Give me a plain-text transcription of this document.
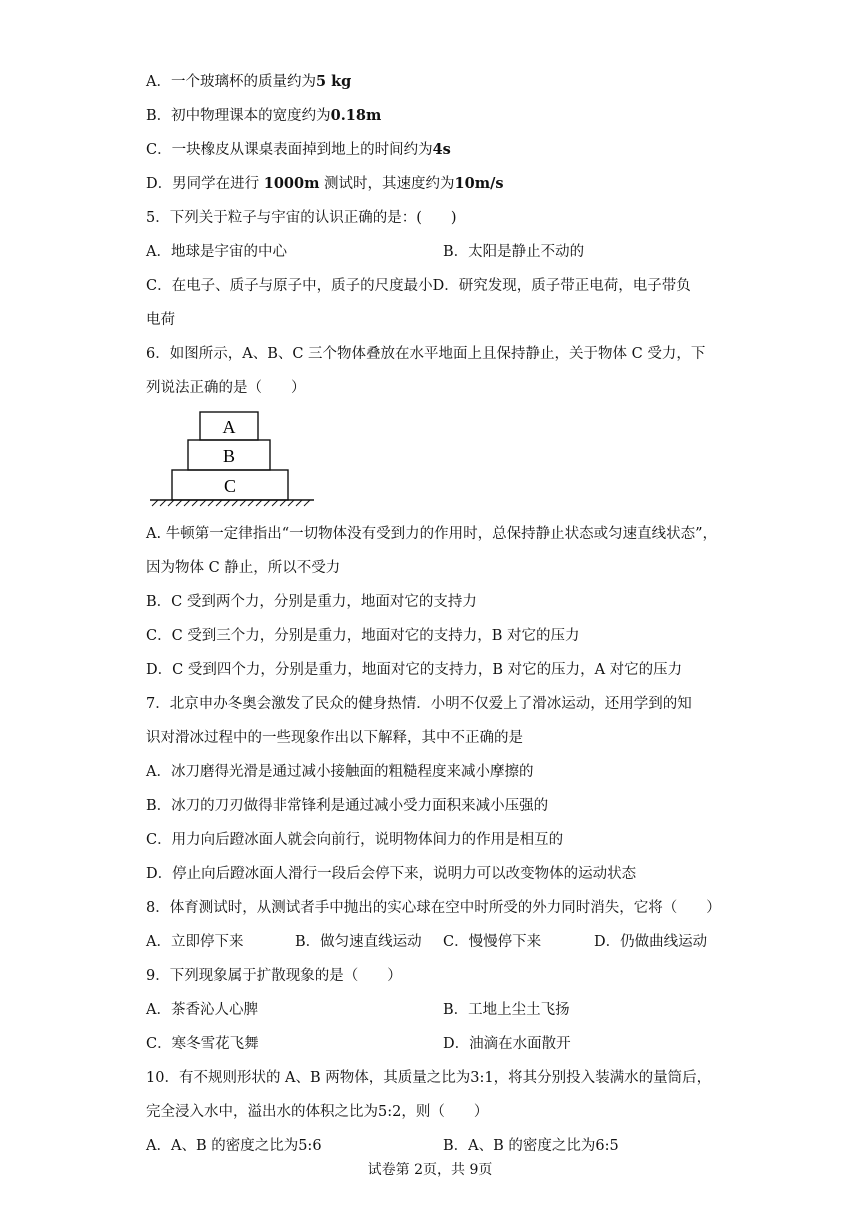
A．一个玻璃杯的质量约为5 kg
B．初中物理课本的宽度约为0.18m
C．一块橡皮从课桌表面掉到地上的时间约为4s
D．男同学在进行 1000m 测试时，其速度约为10m/s
5．下列关于粒子与宇宙的认识正确的是：(　　)
A．地球是宇宙的中心	B．太阳是静止不动的
C．在电子、质子与原子中，质子的尺度最小D．研究发现，质子带正电荷，电子带负
电荷
6．如图所示，A、B、C 三个物体叠放在水平地面上且保持静止，关于物体 C 受力，下
列说法正确的是（　　）
A
B
C
A. 牛顿第一定律指出“一切物体没有受到力的作用时，总保持静止状态或匀速直线状态”，
因为物体 C 静止，所以不受力
B．C 受到两个力，分别是重力，地面对它的支持力
C．C 受到三个力，分别是重力，地面对它的支持力，B 对它的压力
D．C 受到四个力，分别是重力，地面对它的支持力，B 对它的压力，A 对它的压力
7．北京申办冬奥会激发了民众的健身热情．小明不仅爱上了滑冰运动，还用学到的知
识对滑冰过程中的一些现象作出以下解释，其中不正确的是
A．冰刀磨得光滑是通过减小接触面的粗糙程度来减小摩擦的
B．冰刀的刀刃做得非常锋利是通过减小受力面积来减小压强的
C．用力向后蹬冰面人就会向前行，说明物体间力的作用是相互的
D．停止向后蹬冰面人滑行一段后会停下来，说明力可以改变物体的运动状态
8．体育测试时，从测试者手中抛出的实心球在空中时所受的外力同时消失，它将（　　）
A．立即停下来	B．做匀速直线运动 C．慢慢停下来	D．仍做曲线运动
9．下列现象属于扩散现象的是（　　）
A．茶香沁人心脾	B．工地上尘土飞扬
C．寒冬雪花飞舞	D．油滴在水面散开
10．有不规则形状的 A、B 两物体，其质量之比为3:1，将其分别投入装满水的量筒后，
完全浸入水中，溢出水的体积之比为5:2，则（　　）
A．A、B 的密度之比为5:6	B．A、B 的密度之比为6:5
试卷第 2页，共 9页
